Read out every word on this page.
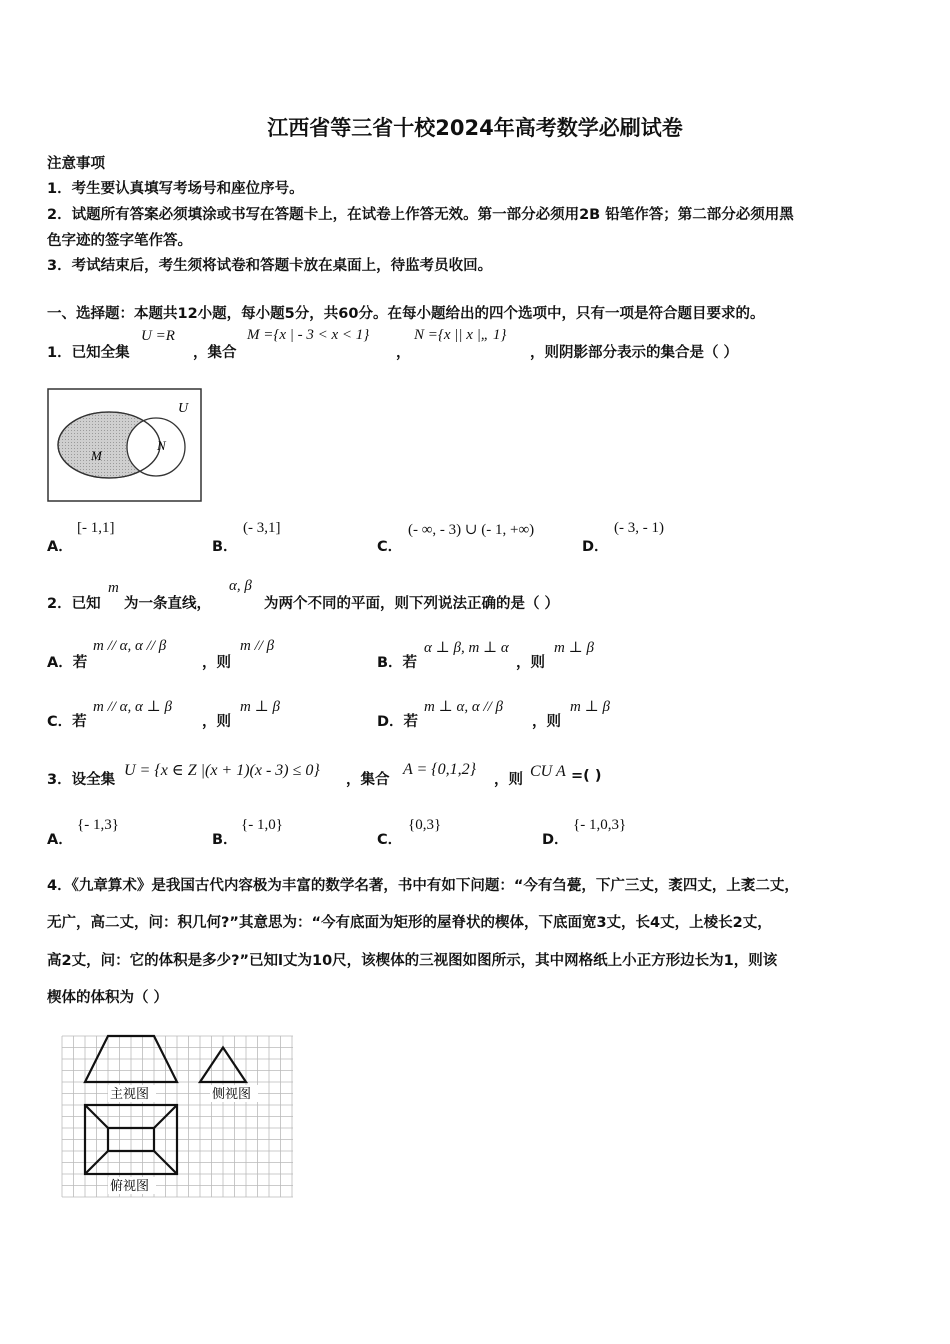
江西省等三省十校2024年高考数学必刷试卷
注意事项
1．考生要认真填写考场号和座位序号。
2．试题所有答案必须填涂或书写在答题卡上，在试卷上作答无效。第一部分必须用2B 铅笔作答；第二部分必须用黑
色字迹的签字笔作答。
3．考试结束后，考生须将试卷和答题卡放在桌面上，待监考员收回。
一、选择题：本题共12小题，每小题5分，共60分。在每小题给出的四个选项中，只有一项是符合题目要求的。
1．已知全集
U =R
，集合
M ={x | - 3 < x < 1}
，
N ={x || x |„ 1}
，则阴影部分表示的集合是（ ）
U
M
N
A．
[- 1,1]
B．
(- 3,1]
C．
(- ∞, - 3) ∪ (- 1, +∞)
D．
(- 3, - 1)
2．已知
m
为一条直线，
α, β
为两个不同的平面，则下列说法正确的是（ ）
A．若
m // α, α // β
，则
m // β
B．若
α ⊥ β, m ⊥ α
，则
m ⊥ β
C．若
m // α, α ⊥ β
，则
m ⊥ β
D．若
m ⊥ α, α // β
，则
m ⊥ β
3．设全集
U = {x ∈ Z |(x + 1)(x - 3) ≤ 0}
，集合
A = {0,1,2}
，则 CU A =( )
A．
{- 1,3}
B．
{- 1,0}
C．
{0,3}
D．
{- 1,0,3}
4．《九章算术》是我国古代内容极为丰富的数学名著，书中有如下问题：“今有刍甍，下广三丈，袤四丈，上袤二丈，
无广，高二丈，问：积几何?”其意思为：“今有底面为矩形的屋脊状的楔体，下底面宽3丈，长4丈，上棱长2丈，
高2丈，问：它的体积是多少?”已知l丈为10尺，该楔体的三视图如图所示，其中网格纸上小正方形边长为1，则该
楔体的体积为（ ）
主视图	侧视图
俯视图
